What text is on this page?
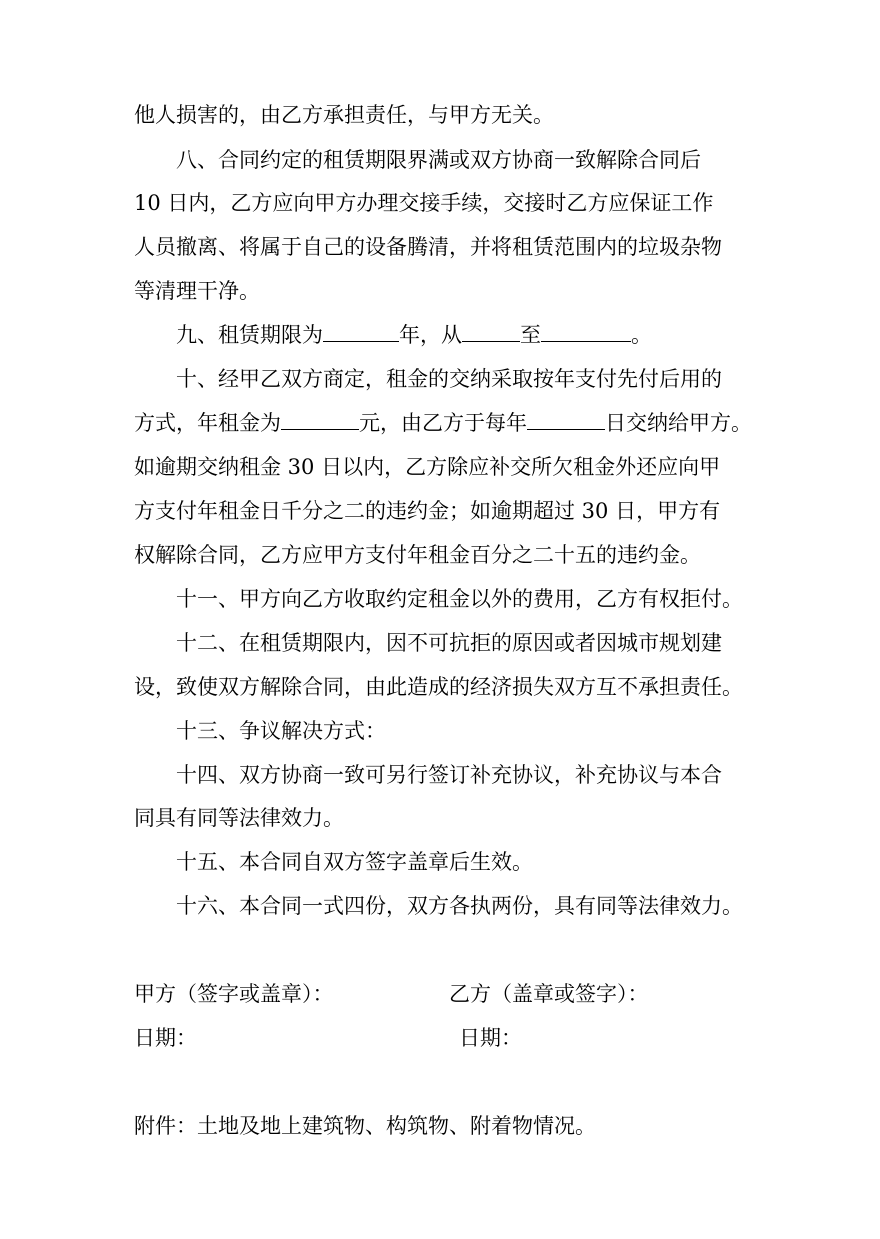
他人损害的，由乙方承担责任，与甲方无关。
八、合同约定的租赁期限界满或双方协商一致解除合同后
10 日内，乙方应向甲方办理交接手续，交接时乙方应保证工作
人员撤离、将属于自己的设备腾清，并将租赁范围内的垃圾杂物
等清理干净。
九、租赁期限为	年，从	至	。
十、经甲乙双方商定，租金的交纳采取按年支付先付后用的
方式，年租金为	元，由乙方于每年	日交纳给甲方。
如逾期交纳租金 30 日以内，乙方除应补交所欠租金外还应向甲
方支付年租金日千分之二的违约金；如逾期超过 30 日，甲方有
权解除合同，乙方应甲方支付年租金百分之二十五的违约金。
十一、甲方向乙方收取约定租金以外的费用，乙方有权拒付。
十二、在租赁期限内，因不可抗拒的原因或者因城市规划建
设，致使双方解除合同，由此造成的经济损失双方互不承担责任。
十三、争议解决方式：
十四、双方协商一致可另行签订补充协议，补充协议与本合
同具有同等法律效力。
十五、本合同自双方签字盖章后生效。
十六、本合同一式四份，双方各执两份，具有同等法律效力。
甲方（签字或盖章）：	乙方（盖章或签字）：
日期：	日期：
附件：土地及地上建筑物、构筑物、附着物情况。
